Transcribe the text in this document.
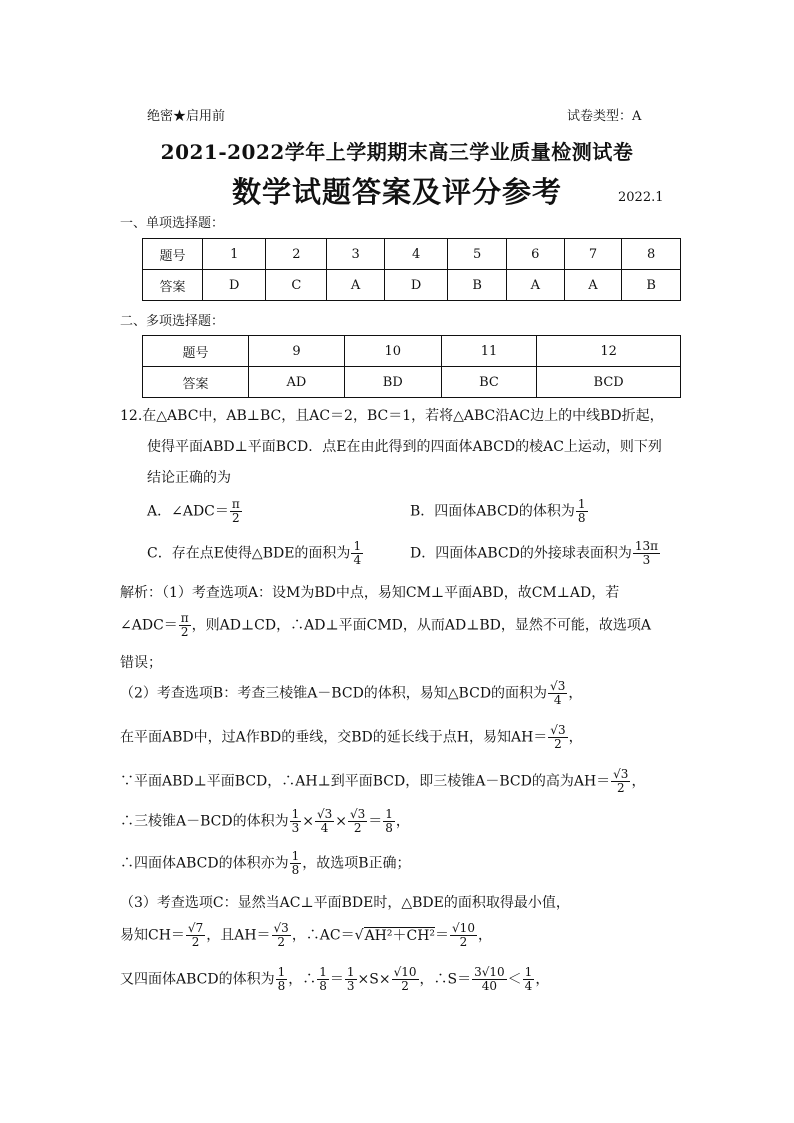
绝密★启用前	试卷类型：A
2021-2022学年上学期期末高三学业质量检测试卷
数学试题答案及评分参考	2022.1
一、单项选择题：
题号	1	2	3	4	5	6	7	8
答案	D	C	A	D	B	A	A	B
二、多项选择题：
题号	9	10	11	12
答案	AD	BD	BC	BCD
12.在△ABC中，AB⊥BC，且AC＝2，BC＝1，若将△ABC沿AC边上的中线BD折起，
使得平面ABD⊥平面BCD．点E在由此得到的四面体ABCD的棱AC上运动，则下列
结论正确的为
A．∠ADC＝ $\frac{\pi}{2}$	B．四面体ABCD的体积为 $\frac{1}{8}$
C．存在点E使得△BDE的面积为 $\frac{1}{4}$	D．四面体ABCD的外接球表面积为 $\frac{13\pi}{3}$
解析：（1）考查选项A：设M为BD中点，易知CM⊥平面ABD，故CM⊥AD，若
∠ADC＝ $\frac{\pi}{2}$ ，则AD⊥CD，∴AD⊥平面CMD，从而AD⊥BD，显然不可能，故选项A
错误；
（2）考查选项B：考查三棱锥A－BCD的体积，易知△BCD的面积为 $\frac{√3}{4}$ ，
在平面ABD中，过A作BD的垂线，交BD的延长线于点H，易知$AH= \frac{√3}{2}$ ，
∵平面ABD⊥平面BCD，∴AH⊥到平面BCD，即三棱锥A－BCD的高为$AH= \frac{√3}{2}$ ，
∴三棱锥A－BCD的体积为 $\frac{1}{3} \times \frac{√3}{4} \times \frac{√3}{2} = \frac{1}{8}$ ，
∴四面体ABCD的体积亦为 $\frac{1}{8}$ ，故选项B正确；
（3）考查选项C：显然当AC⊥平面BDE时，△BDE的面积取得最小值，
易知$CH= \frac{√7}{2}$ ，且$AH= \frac{√3}{2}$ ，∴AC＝√AH²＋CH²＝ $\frac{√10}{2}$ ，
又四面体ABCD的体积为 $\frac{1}{8}$ ，∴ $\frac{1}{8} = \frac{1}{3} \times S\times \frac{√10}{2}$ ，∴S＝ $\frac{3√10}{40} < \frac{1}{4}$ ，
